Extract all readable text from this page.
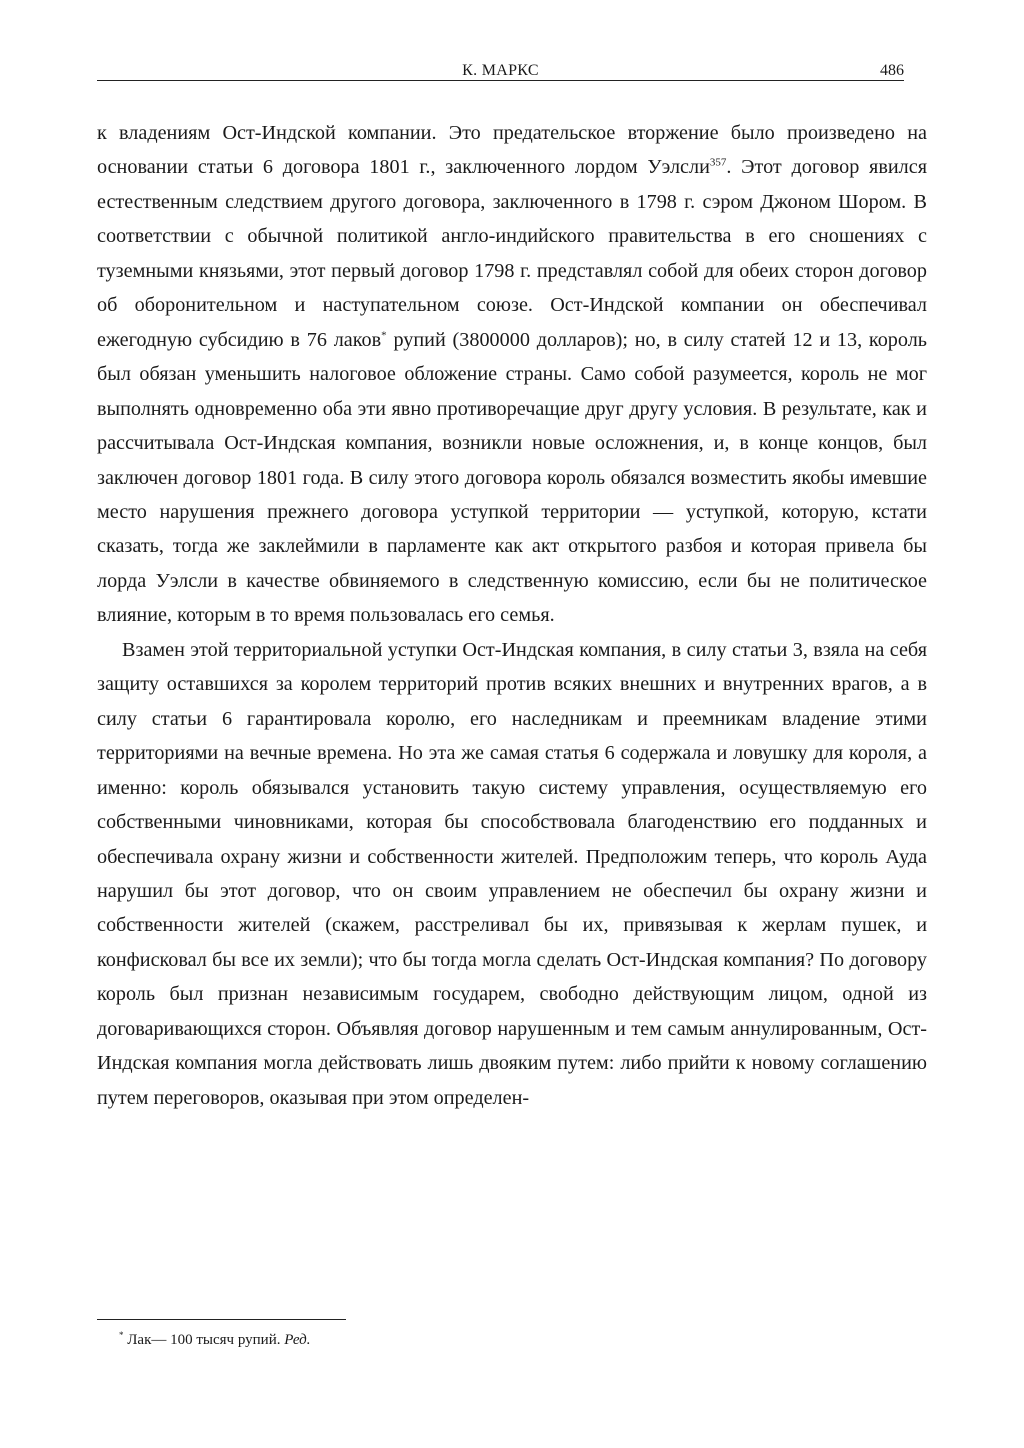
К. МАРКС	486

к владениям Ост-Индской компании. Это предательское вторжение было произведено на основании статьи 6 договора 1801 г., заключенного лордом Уэлсли$^{357}$. Этот договор явился естественным следствием другого договора, заключенного в 1798 г. сэром Джоном Шором. В соответствии с обычной политикой англо-индийского правительства в его сношениях с туземными князьями, этот первый договор 1798 г. представлял собой для обеих сторон договор об оборонительном и наступательном союзе. Ост-Индской компании он обеспечивал ежегодную субсидию в 76 лаков* рупий (3800000 долларов); но, в силу статей 12 и 13, король был обязан уменьшить налоговое обложение страны. Само собой разумеется, король не мог выполнять одновременно оба эти явно противоречащие друг другу условия. В результате, как и рассчитывала Ост-Индская компания, возникли новые осложнения, и, в конце концов, был заключен договор 1801 года. В силу этого договора король обязался возместить якобы имевшие место нарушения прежнего договора уступкой территории — уступкой, которую, кстати сказать, тогда же заклеймили в парламенте как акт открытого разбоя и которая привела бы лорда Уэлсли в качестве обвиняемого в следственную комиссию, если бы не политическое влияние, которым в то время пользовалась его семья.

Взамен этой территориальной уступки Ост-Индская компания, в силу статьи 3, взяла на себя защиту оставшихся за королем территорий против всяких внешних и внутренних врагов, а в силу статьи 6 гарантировала королю, его наследникам и преемникам владение этими территориями на вечные времена. Но эта же самая статья 6 содержала и ловушку для короля, а именно: король обязывался установить такую систему управления, осуществляемую его собственными чиновниками, которая бы способствовала благоденствию его подданных и обеспечивала охрану жизни и собственности жителей. Предположим теперь, что король Ауда нарушил бы этот договор, что он своим управлением не обеспечил бы охрану жизни и собственности жителей (скажем, расстреливал бы их, привязывая к жерлам пушек, и конфисковал бы все их земли); что бы тогда могла сделать Ост-Индская компания? По договору король был признан независимым государем, свободно действующим лицом, одной из договаривающихся сторон. Объявляя договор нарушенным и тем самым аннулированным, Ост-Индская компания могла действовать лишь двояким путем: либо прийти к новому соглашению путем переговоров, оказывая при этом определен-

* Лак— 100 тысяч рупий. Ред.
